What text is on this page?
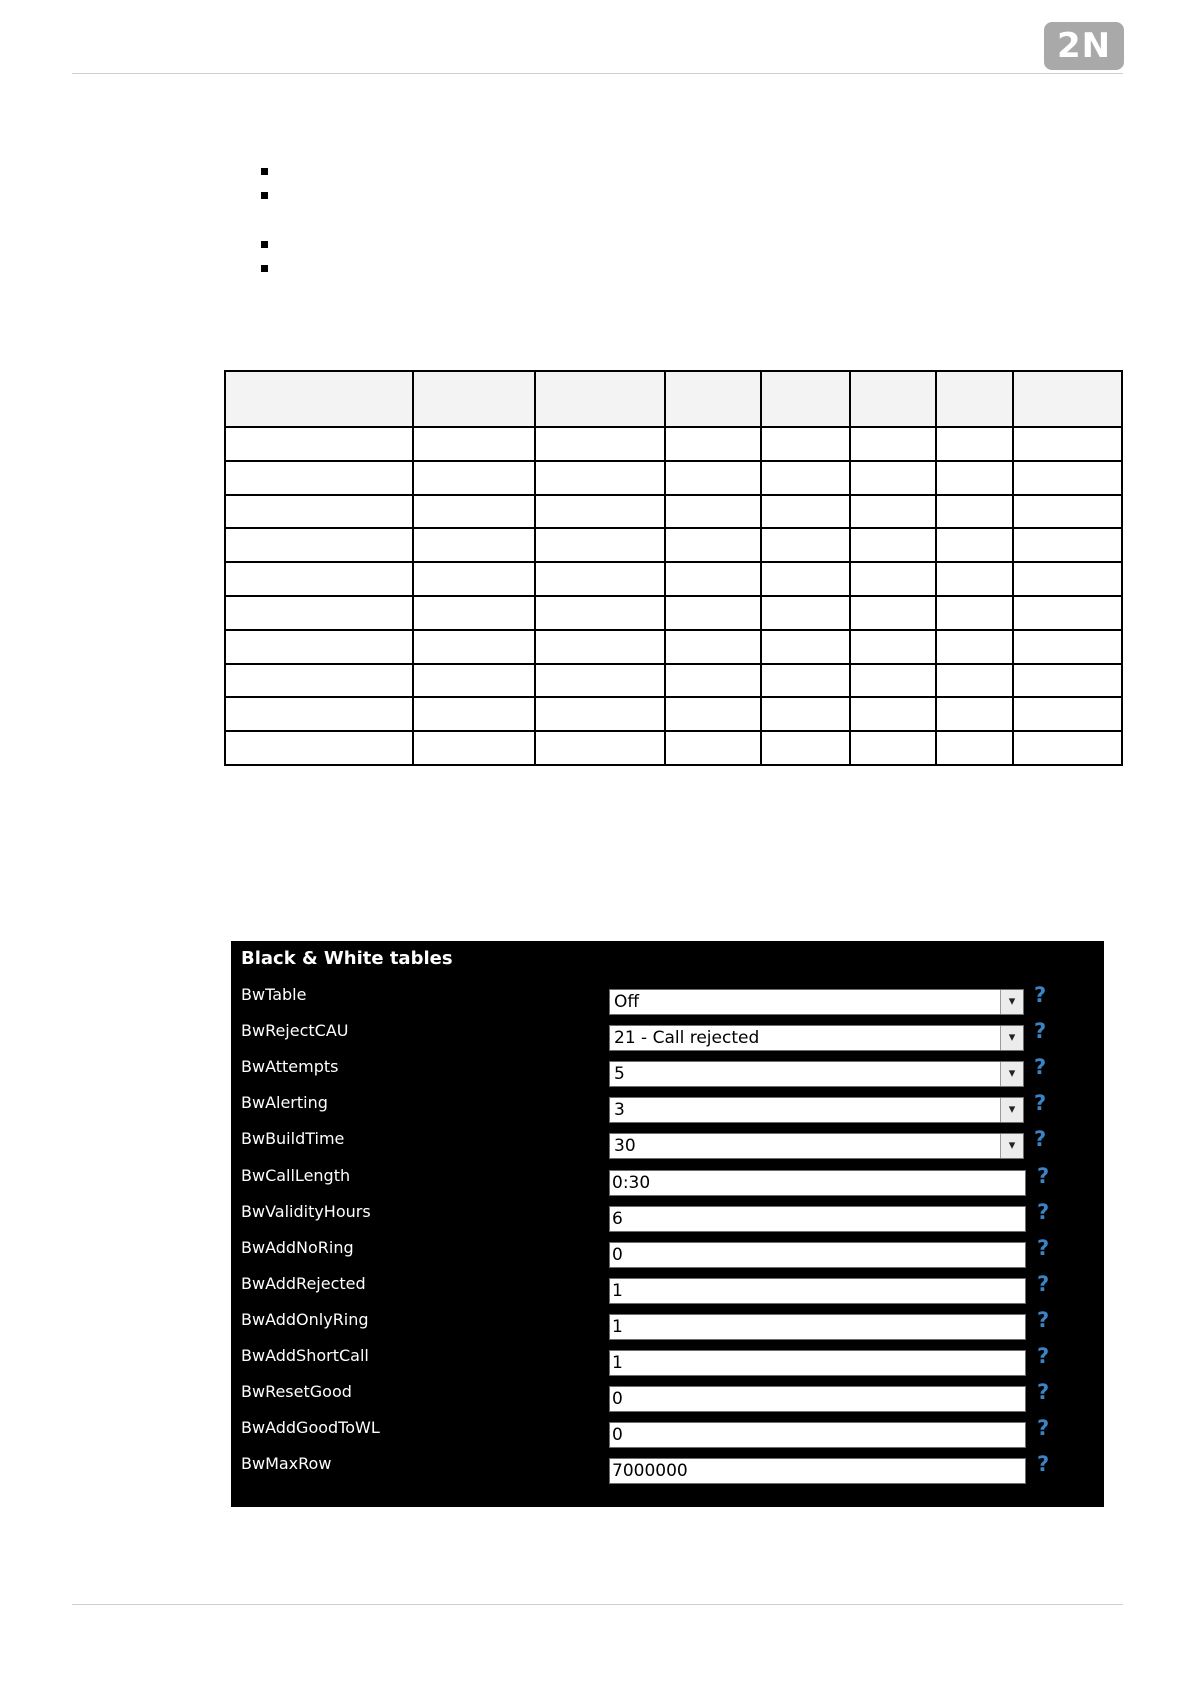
2N

Black & White tables
BwTable	Off	▾ ?
BwRejectCAU	21 - Call rejected	▾ ?
BwAttempts	5	▾ ?
BwAlerting	3	▾ ?
BwBuildTime	30	▾ ?
BwCallLength	0:30	?
BwValidityHours	6	?
BwAddNoRing	0	?
BwAddRejected	1	?
BwAddOnlyRing	1	?
BwAddShortCall	1	?
BwResetGood	0	?
BwAddGoodToWL	0	?
BwMaxRow	7000000	?
